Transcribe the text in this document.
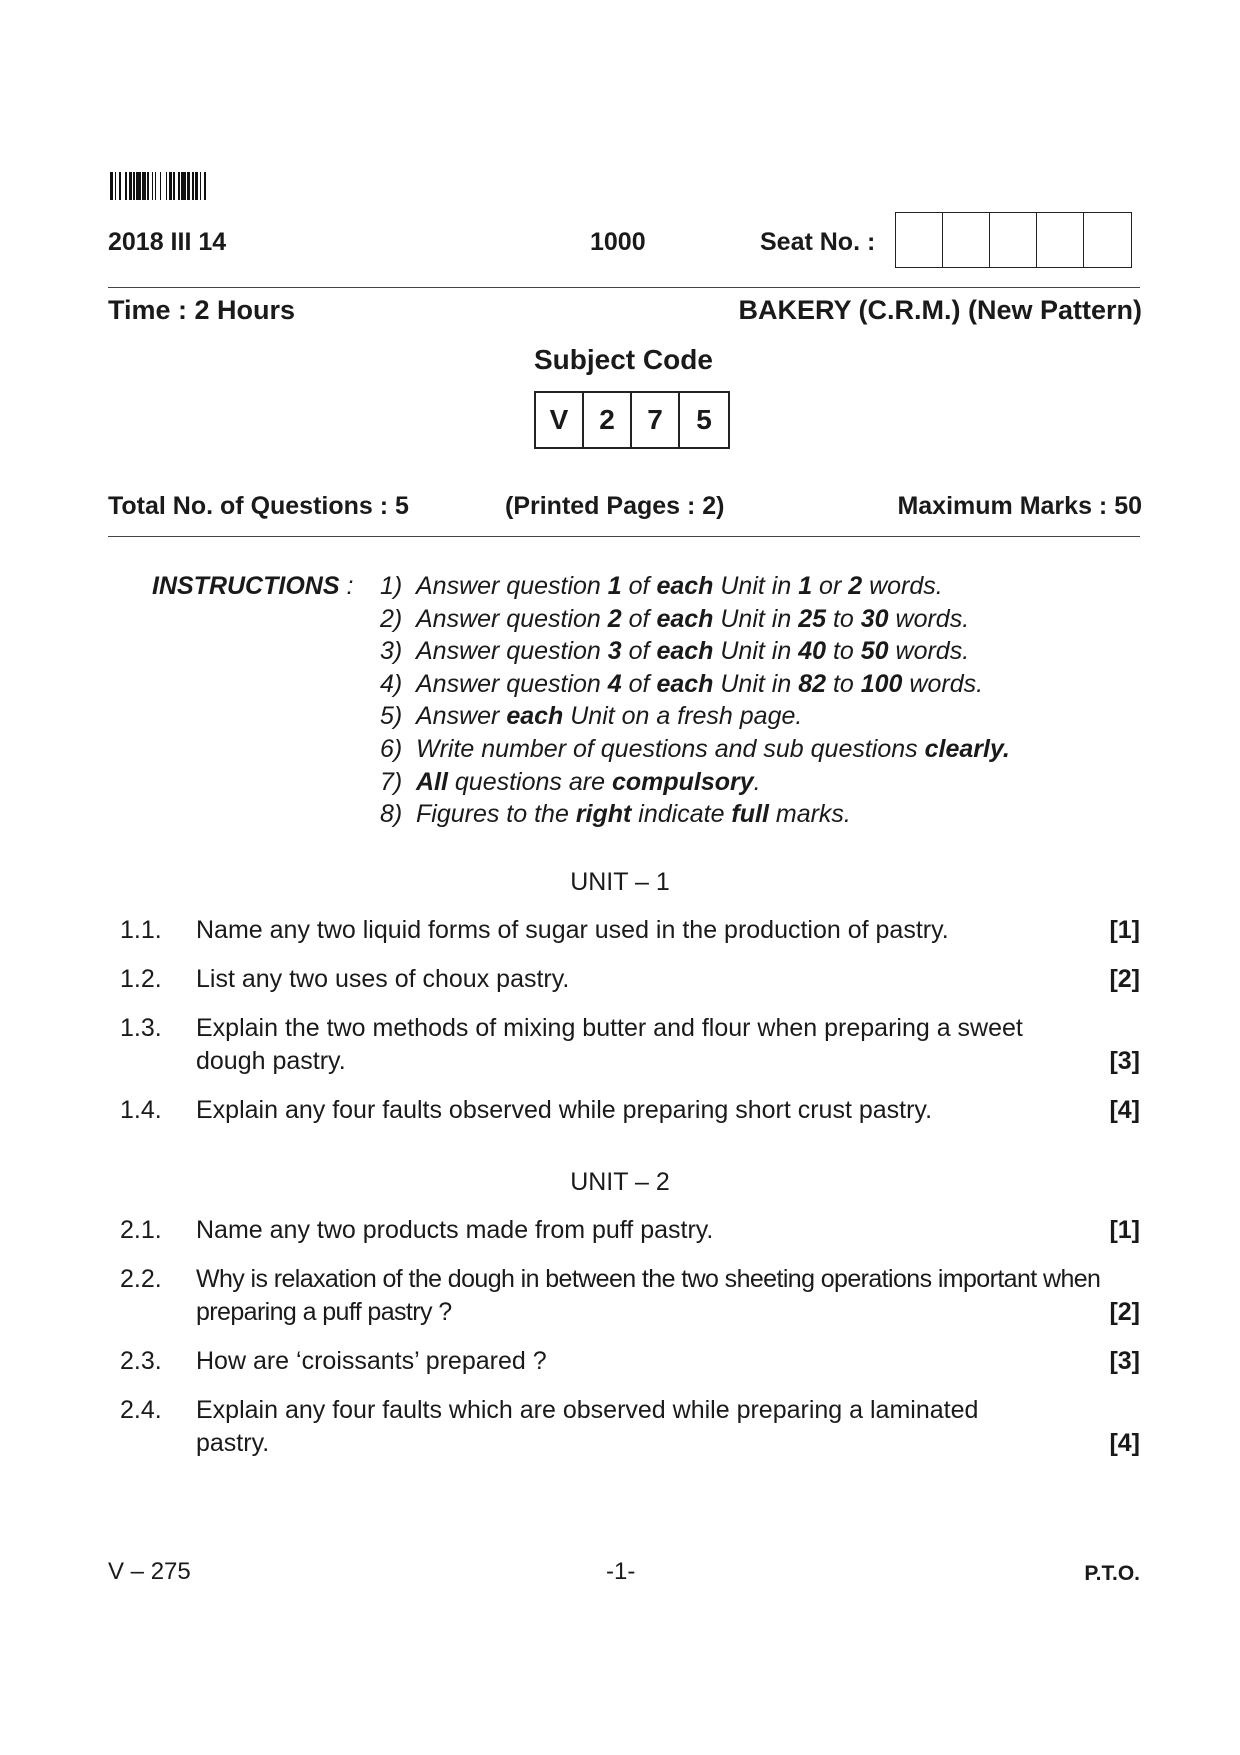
2018 III 14	1000	Seat No. :
Time : 2 Hours	BAKERY (C.R.M.) (New Pattern)
Subject Code
V	2	7	5
Total No. of Questions : 5	(Printed Pages : 2)	Maximum Marks : 50
INSTRUCTIONS : 1) Answer question 1 of each Unit in 1 or 2 words.
2) Answer question 2 of each Unit in 25 to 30 words.
3) Answer question 3 of each Unit in 40 to 50 words.
4) Answer question 4 of each Unit in 82 to 100 words.
5) Answer each Unit on a fresh page.
6) Write number of questions and sub questions clearly.
7) All questions are compulsory.
8) Figures to the right indicate full marks.
UNIT – 1
1.1. Name any two liquid forms of sugar used in the production of pastry.	[1]
1.2. List any two uses of choux pastry.	[2]
1.3. Explain the two methods of mixing butter and flour when preparing a sweet dough pastry.	[3]
1.4. Explain any four faults observed while preparing short crust pastry.	[4]
UNIT – 2
2.1. Name any two products made from puff pastry.	[1]
2.2. Why is relaxation of the dough in between the two sheeting operations important when preparing a puff pastry ?	[2]
2.3. How are ‘croissants’ prepared ?	[3]
2.4. Explain any four faults which are observed while preparing a laminated pastry.	[4]
V – 275	-1-	P.T.O.
